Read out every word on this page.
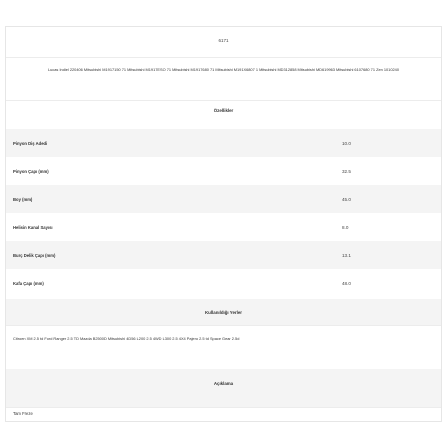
6171
Lucas Indiel 220406 Mitsubishi M1917150 71 Mitsubishi M1917ESO 71 Mitsubishi M1917680 71 Mitsubishi M191X6807 1 Mitsubishi MD312858 Mitsubishi MD619963 Mitsubishi 6107680 71 Zen 1010240
Özellikler
Pinyon Diş Adedi	10.0
Pinyon Çapı (mm)	32.5
Boy (mm)	45.0
Helisin Kanal Sayısı	8.0
Burç Delik Çapı (mm)	13.1
Kafa Çapı (mm)	48.0
Kullanıldığı Yerler
Citroen XM 2.5 td Ford Ranger 2.5 TD Mazda B2500D Mitsubishi 4D56 L200 2.5 4WD L300 2.5 4X4 Pajero 2.5 td Space Gear 2.5d
Açıklama
Tam Freze
